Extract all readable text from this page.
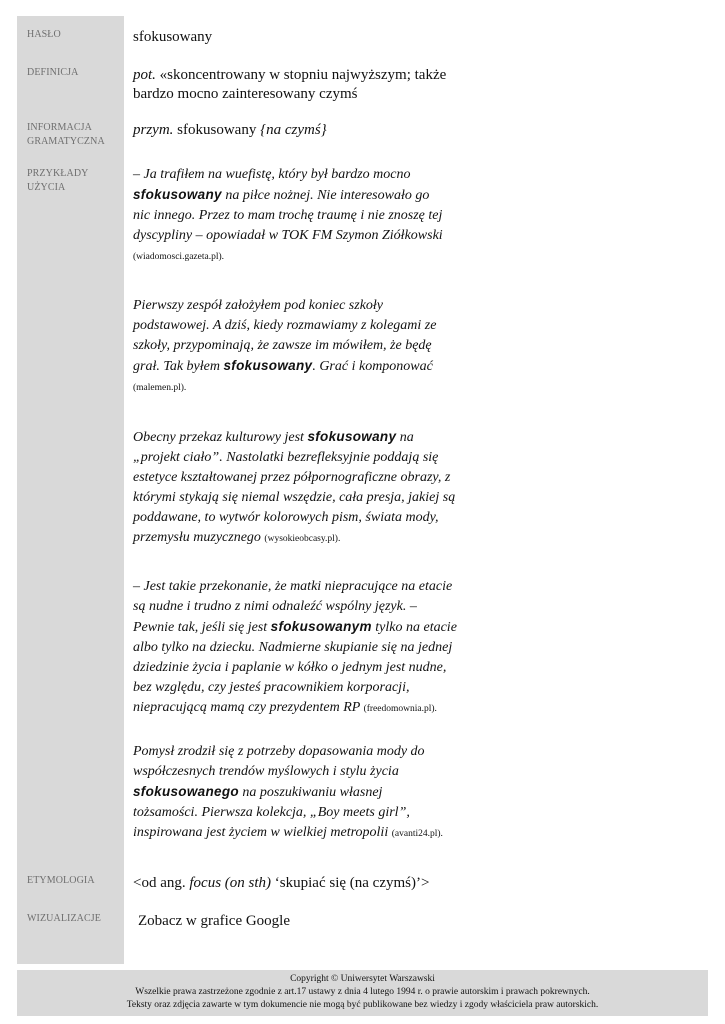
HASŁO
DEFINICJA
INFORMACJA
GRAMATYCZNA
PRZYKŁADY
UŻYCIA
ETYMOLOGIA
WIZUALIZACJE
sfokusowany
pot. «skoncentrowany w stopniu najwyższym; także bardzo mocno zainteresowany czymś
przym. sfokusowany {na czymś}
– Ja trafiłem na wuefistę, który był bardzo mocno sfokusowany na piłce nożnej. Nie interesowało go nic innego. Przez to mam trochę traumę i nie znoszę tej dyscypliny – opowiadał w TOK FM Szymon Ziółkowski (wiadomosci.gazeta.pl).
Pierwszy zespół założyłem pod koniec szkoły podstawowej. A dziś, kiedy rozmawiamy z kolegami ze szkoły, przypominają, że zawsze im mówiłem, że będę grał. Tak byłem sfokusowany. Grać i komponować (malemen.pl).
Obecny przekaz kulturowy jest sfokusowany na „projekt ciało”. Nastolatki bezrefleksyjnie poddają się estetyce kształtowanej przez półpornograficzne obrazy, z którymi stykają się niemal wszędzie, cała presja, jakiej są poddawane, to wytwór kolorowych pism, świata mody, przemysłu muzycznego (wysokieobcasy.pl).
– Jest takie przekonanie, że matki niepracujące na etacie są nudne i trudno z nimi odnaleźć wspólny język. – Pewnie tak, jeśli się jest sfokusowanym tylko na etacie albo tylko na dziecku. Nadmierne skupianie się na jednej dziedzinie życia i paplanie w kółko o jednym jest nudne, bez względu, czy jesteś pracownikiem korporacji, niepracującą mamą czy prezydentem RP (freedomownia.pl).
Pomysł zrodził się z potrzeby dopasowania mody do współczesnych trendów myślowych i stylu życia sfokusowanego na poszukiwaniu własnej tożsamości. Pierwsza kolekcja, „Boy meets girl”, inspirowana jest życiem w wielkiej metropolii (avanti24.pl).
<od ang. focus (on sth) ‘skupiać się (na czymś)’>
Zobacz w grafice Google
Copyright © Uniwersytet Warszawski
Wszelkie prawa zastrzeżone zgodnie z art.17 ustawy z dnia 4 lutego 1994 r. o prawie autorskim i prawach pokrewnych.
Teksty oraz zdjęcia zawarte w tym dokumencie nie mogą być publikowane bez wiedzy i zgody właściciela praw autorskich.
